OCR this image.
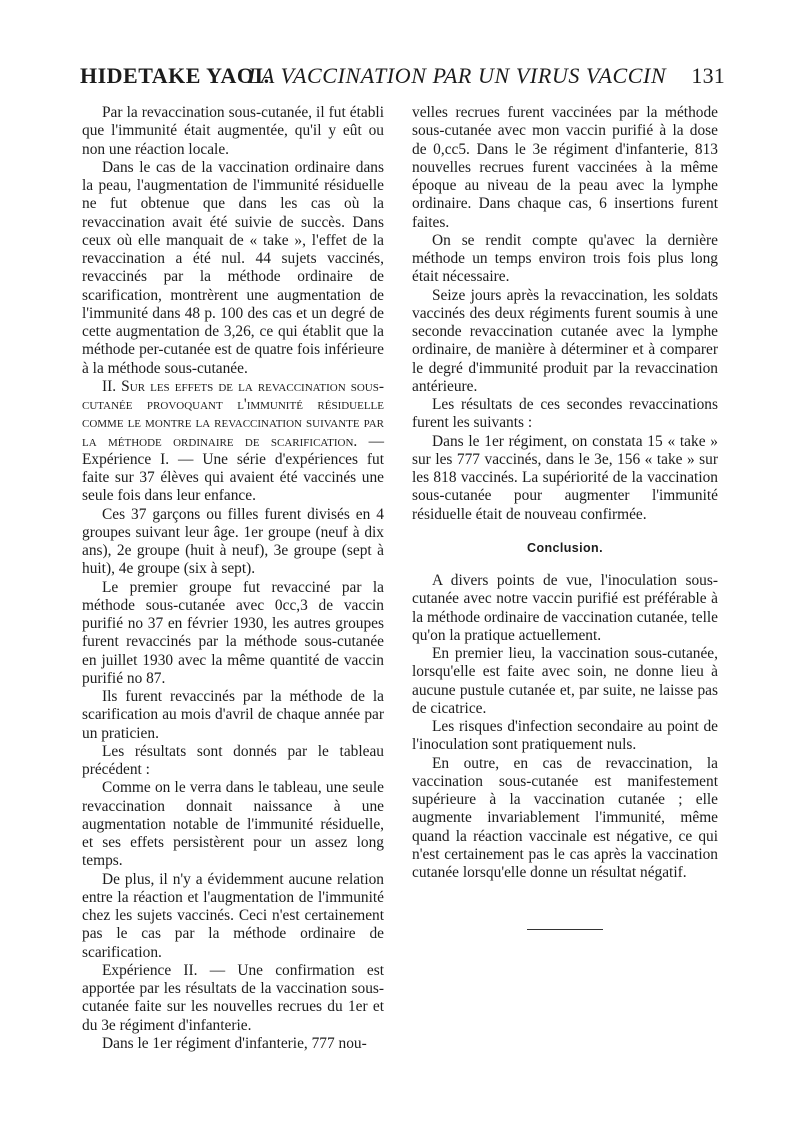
HIDETAKE YAOI.
LA VACCINATION PAR UN VIRUS VACCIN 131

Par la revaccination sous-cutanée, il fut établi que l'immunité était augmentée, qu'il y eût ou non une réaction locale.

Dans le cas de la vaccination ordinaire dans la peau, l'augmentation de l'immunité résiduelle ne fut obtenue que dans les cas où la revaccination avait été suivie de succès. Dans ceux où elle manquait de « take », l'effet de la revaccination a été nul. 44 sujets vaccinés, revaccinés par la méthode ordinaire de scarification, montrèrent une augmentation de l'immunité dans 48 p. 100 des cas et un degré de cette augmentation de 3,26, ce qui établit que la méthode per-cutanée est de quatre fois inférieure à la méthode sous-cutanée.

II. Sur les effets de la revaccination sous-cutanée provoquant l'immunité résiduelle comme le montre la revaccination suivante par la méthode ordinaire de scarification. — Expérience I. — Une série d'expériences fut faite sur 37 élèves qui avaient été vaccinés une seule fois dans leur enfance.

Ces 37 garçons ou filles furent divisés en 4 groupes suivant leur âge. 1er groupe (neuf à dix ans), 2e groupe (huit à neuf), 3e groupe (sept à huit), 4e groupe (six à sept).

Le premier groupe fut revacciné par la méthode sous-cutanée avec 0cc,3 de vaccin purifié no 37 en février 1930, les autres groupes furent revaccinés par la méthode sous-cutanée en juillet 1930 avec la même quantité de vaccin purifié no 87.

Ils furent revaccinés par la méthode de la scarification au mois d'avril de chaque année par un praticien.

Les résultats sont donnés par le tableau précédent :

Comme on le verra dans le tableau, une seule revaccination donnait naissance à une augmentation notable de l'immunité résiduelle, et ses effets persistèrent pour un assez long temps.

De plus, il n'y a évidemment aucune relation entre la réaction et l'augmentation de l'immunité chez les sujets vaccinés. Ceci n'est certainement pas le cas par la méthode ordinaire de scarification.

Expérience II. — Une confirmation est apportée par les résultats de la vaccination sous-cutanée faite sur les nouvelles recrues du 1er et du 3e régiment d'infanterie.

Dans le 1er régiment d'infanterie, 777 nou-

velles recrues furent vaccinées par la méthode sous-cutanée avec mon vaccin purifié à la dose de 0,cc5. Dans le 3e régiment d'infanterie, 813 nouvelles recrues furent vaccinées à la même époque au niveau de la peau avec la lymphe ordinaire. Dans chaque cas, 6 insertions furent faites.

On se rendit compte qu'avec la dernière méthode un temps environ trois fois plus long était nécessaire.

Seize jours après la revaccination, les soldats vaccinés des deux régiments furent soumis à une seconde revaccination cutanée avec la lymphe ordinaire, de manière à déterminer et à comparer le degré d'immunité produit par la revaccination antérieure.

Les résultats de ces secondes revaccinations furent les suivants :

Dans le 1er régiment, on constata 15 « take » sur les 777 vaccinés, dans le 3e, 156 « take » sur les 818 vaccinés. La supériorité de la vaccination sous-cutanée pour augmenter l'immunité résiduelle était de nouveau confirmée.

Conclusion.

A divers points de vue, l'inoculation sous-cutanée avec notre vaccin purifié est préférable à la méthode ordinaire de vaccination cutanée, telle qu'on la pratique actuellement.

En premier lieu, la vaccination sous-cutanée, lorsqu'elle est faite avec soin, ne donne lieu à aucune pustule cutanée et, par suite, ne laisse pas de cicatrice.

Les risques d'infection secondaire au point de l'inoculation sont pratiquement nuls.

En outre, en cas de revaccination, la vaccination sous-cutanée est manifestement supérieure à la vaccination cutanée ; elle augmente invariablement l'immunité, même quand la réaction vaccinale est négative, ce qui n'est certainement pas le cas après la vaccination cutanée lorsqu'elle donne un résultat négatif.
